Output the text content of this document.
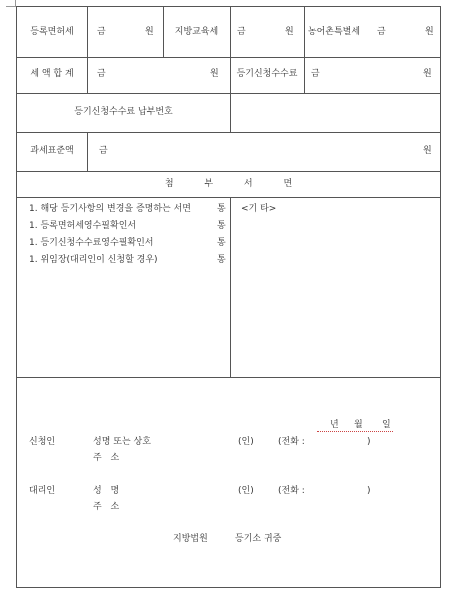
등록면허세	금	원	지방교육세	금	원	농어촌특별세	금	원
세 액 합 계	금	원	등기신청수수료	금	원
등기신청수수료 납부번호
과세표준액	금	원
첨 부 서 면
1. 해당 등기사항의 변경을 증명하는 서면	통
1. 등록면허세영수필확인서	통
1. 등기신청수수료영수필확인서	통
1. 위임장(대리인이 신청할 경우)	통
<기 타>
년 월 일
신청인	성명 또는 상호	(인)	(전화 :	)
주 소
대리인	성 명	(인)	(전화 :	)
주 소
지방법원	등기소 귀중
